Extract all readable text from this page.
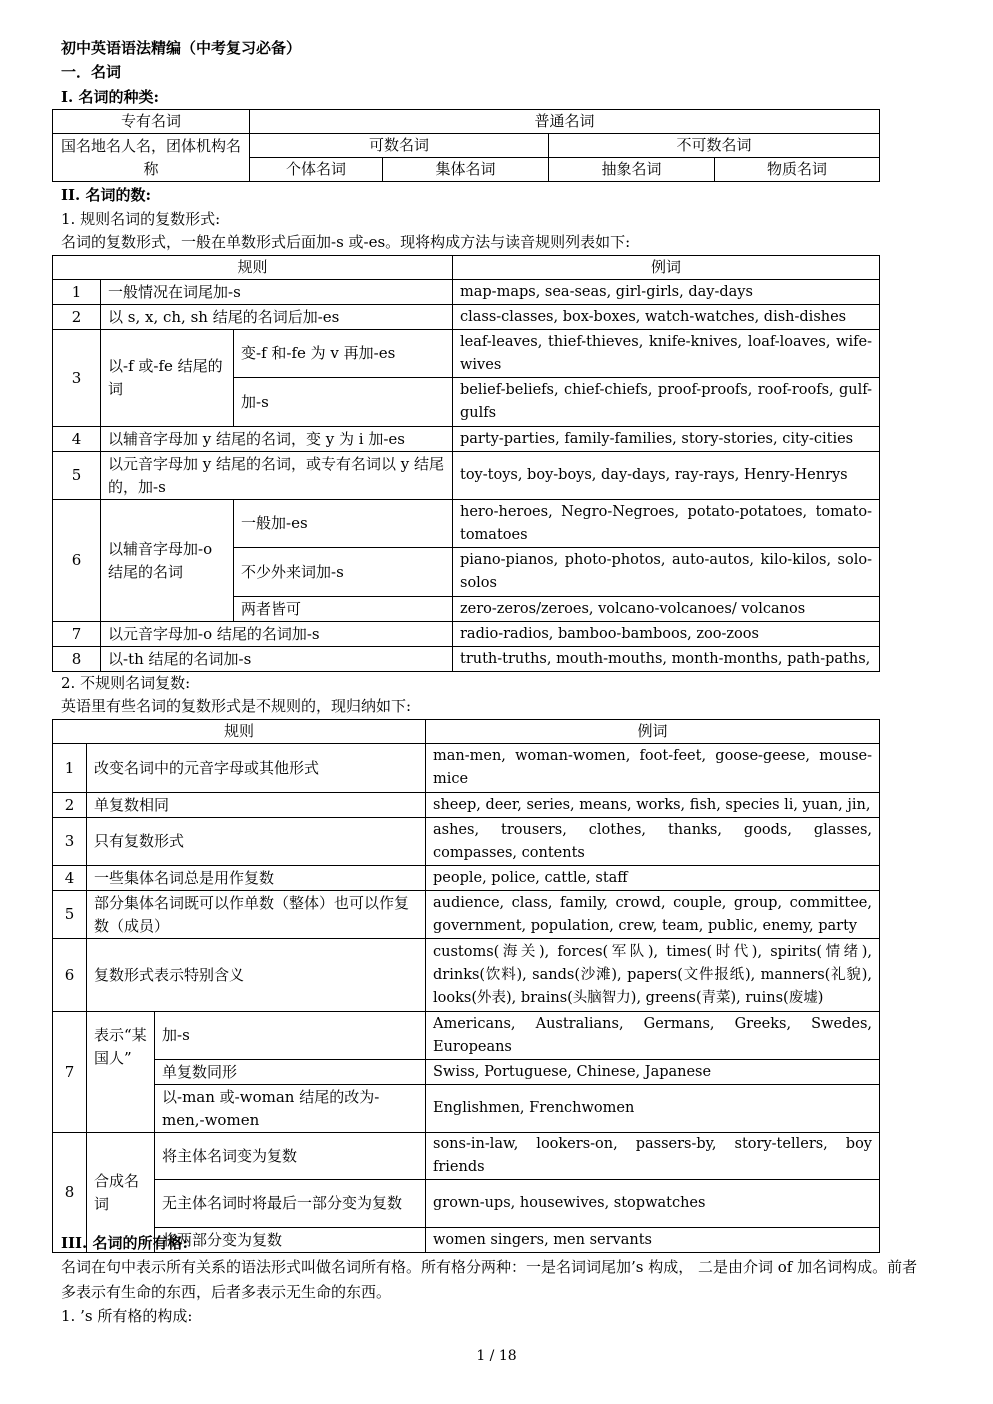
初中英语语法精编（中考复习必备）
一．名词
I. 名词的种类:
专有名词	普通名词			
国名地名人名，团体机构名称	可数名词		不可数名词	
	个体名词	集体名词	抽象名词	物质名词
II. 名词的数:
1. 规则名词的复数形式:
名词的复数形式，一般在单数形式后面加-s 或-es。现将构成方法与读音规则列表如下:
规则			例词
1	一般情况在词尾加-s		map-maps, sea-seas, girl-girls, day-days
2	以 s, x, ch, sh 结尾的名词后加-es		class-classes, box-boxes, watch-watches, dish-dishes
3	以-f 或-fe 结尾的词	变-f 和-fe 为 v 再加-es	leaf-leaves, thief-thieves, knife-knives, loaf-loaves, wife-wives
		加-s	belief-beliefs, chief-chiefs, proof-proofs, roof-roofs, gulf-gulfs
4	以辅音字母加 y 结尾的名词，变 y 为 i 加-es		party-parties, family-families, story-stories, city-cities
5	以元音字母加 y 结尾的名词，或专有名词以 y 结尾的，加-s		toy-toys, boy-boys, day-days, ray-rays, Henry-Henrys
6	以辅音字母加-o 结尾的名词	一般加-es	hero-heroes, Negro-Negroes, potato-potatoes, tomato-tomatoes
		不少外来词加-s	piano-pianos, photo-photos, auto-autos, kilo-kilos, solo-solos
		两者皆可	zero-zeros/zeroes, volcano-volcanoes/ volcanos
7	以元音字母加-o 结尾的名词加-s		radio-radios, bamboo-bamboos, zoo-zoos
8	以-th 结尾的名词加-s		truth-truths, mouth-mouths, month-months, path-paths,
2. 不规则名词复数:
英语里有些名词的复数形式是不规则的，现归纳如下:
规则			例词
1	改变名词中的元音字母或其他形式		man-men, woman-women, foot-feet, goose-geese, mouse-mice
2	单复数相同		sheep, deer, series, means, works, fish, species li, yuan, jin,
3	只有复数形式		ashes, trousers, clothes, thanks, goods, glasses, compasses, contents
4	一些集体名词总是用作复数		people, police, cattle, staff
5	部分集体名词既可以作单数（整体）也可以作复数（成员）		audience, class, family, crowd, couple, group, committee, government, population, crew, team, public, enemy, party
6	复数形式表示特别含义		customs(海关), forces(军队), times(时代), spirits(情绪), drinks(饮料), sands(沙滩), papers(文件报纸), manners(礼貌), looks(外表), brains(头脑智力), greens(青菜), ruins(废墟)
7	表示“某国人”	加-s	Americans, Australians, Germans, Greeks, Swedes, Europeans
		单复数同形	Swiss, Portuguese, Chinese, Japanese
		以-man 或-woman 结尾的改为-men,-women	Englishmen, Frenchwomen
8	合成名词	将主体名词变为复数	sons-in-law, lookers-on, passers-by, story-tellers, boy friends
		无主体名词时将最后一部分变为复数	grown-ups, housewives, stopwatches
		将两部分变为复数	women singers, men servants
III. 名词的所有格:
名词在句中表示所有关系的语法形式叫做名词所有格。所有格分两种：一是名词词尾加’s 构成， 二是由介词 of 加名词构成。前者多表示有生命的东西，后者多表示无生命的东西。
1. ’s 所有格的构成:
1 / 18
